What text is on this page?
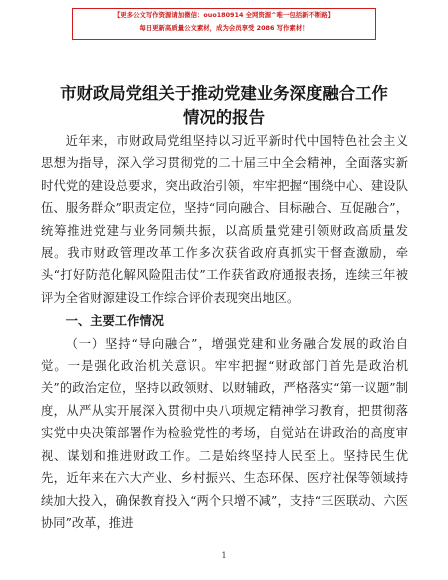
【更多公文写作资源请加微信：ouo180914 全网资源^唯一包括新不断路】
每日更新高质量公文素材，成为会员享受 2086 写作素材！
市财政局党组关于推动党建业务深度融合工作
情况的报告

近年来，市财政局党组坚持以习近平新时代中国特色社会主义思想为指导，深入学习贯彻党的二十届三中全会精神，全面落实新时代党的建设总要求，突出政治引领，牢牢把握“围绕中心、建设队伍、服务群众”职责定位，坚持“同向融合、目标融合、互促融合”，统筹推进党建与业务同频共振，以高质量党建引领财政高质量发展。我市财政管理改革工作多次获省政府真抓实干督查激励，牵头“打好防范化解风险阻击仗”工作获省政府通报表扬，连续三年被评为全省财源建设工作综合评价表现突出地区。

一、主要工作情况

（一）坚持“导向融合”，增强党建和业务融合发展的政治自觉。一是强化政治机关意识。牢牢把握“财政部门首先是政治机关”的政治定位，坚持以政领财、以财辅政，严格落实“第一议题”制度，从严从实开展深入贯彻中央八项规定精神学习教育，把贯彻落实党中央决策部署作为检验党性的考场，自觉站在讲政治的高度审视、谋划和推进财政工作。二是始终坚持人民至上。坚持民生优先，近年来在六大产业、乡村振兴、生态环保、医疗社保等领域持续加大投入，确保教育投入“两个只增不减”，支持“三医联动、六医协同”改革，推进

1
